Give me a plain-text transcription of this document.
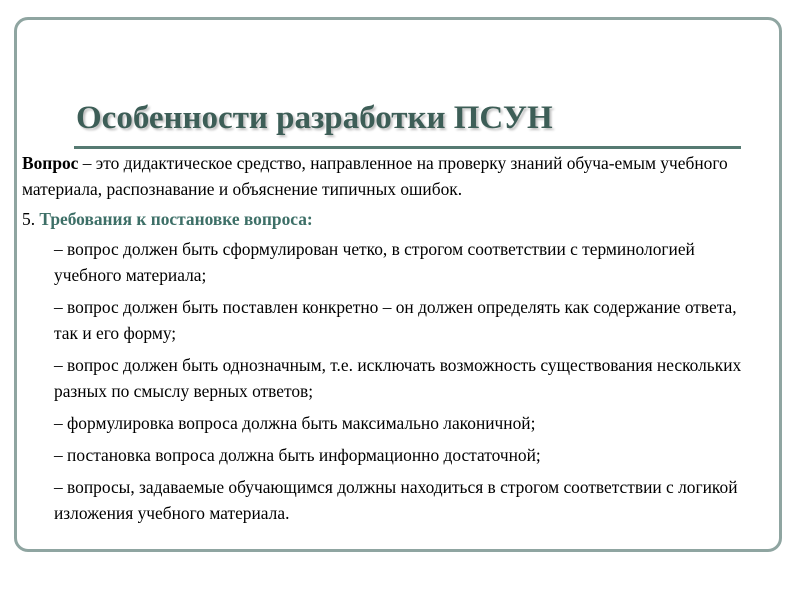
Особенности разработки ПСУН

Вопрос – это дидактическое средство, направленное на проверку знаний обуча-емым учебного материала, распознавание и объяснение типичных ошибок.

5. Требования к постановке вопроса:

– вопрос должен быть сформулирован четко, в строгом соответствии с терминологией учебного материала;

– вопрос должен быть поставлен конкретно – он должен определять как содержание ответа, так и его форму;

– вопрос должен быть однозначным, т.е. исключать возможность существования нескольких разных по смыслу верных ответов;

– формулировка вопроса должна быть максимально лаконичной;

– постановка вопроса должна быть информационно достаточной;

– вопросы, задаваемые обучающимся должны находиться в строгом соответствии с логикой изложения учебного материала.
